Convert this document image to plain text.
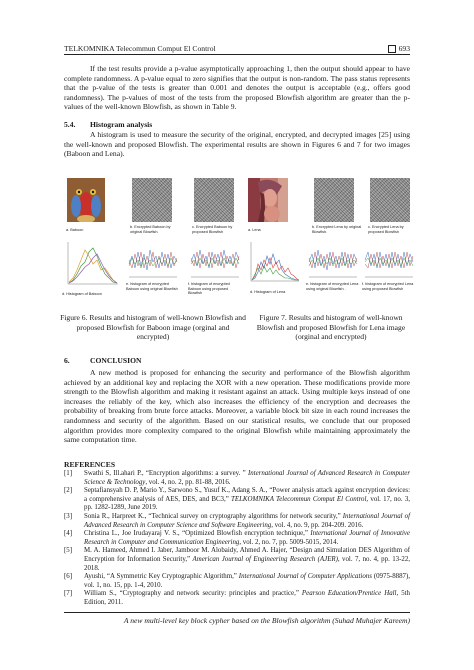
TELKOMNIKA Telecommun Comput El Control	693

If the test results provide a p-value asymptotically approaching 1, then the output should appear to have complete randomness. A p-value equal to zero signifies that the output is non-random. The pass status represents that the p-value of the tests is greater than 0.001 and denotes the output is acceptable (e.g., offers good randomness). The p-values of most of the tests from the proposed Blowfish algorithm are greater than the p-values of the well-known Blowfish, as shown in Table 9.

5.4. Histogram analysis

A histogram is used to measure the security of the original, encrypted, and decrypted images [25] using the well-known and proposed Blowfish. The experimental results are shown in Figures 6 and 7 for two images (Baboon and Lena).

a. Baboon
b. Encrypted Baboon by original Blowfish.
c. Encrypted Baboon by proposed Blowfish
d. Histogram of Baboon
e. histogram of encrypted Baboon using original Blowfish
f. histogram of encrypted Baboon using proposed Blowfish
Figure 6. Results and histogram of well-known Blowfish and proposed Blowfish for Baboon image (orginal and encrypted)
a. Lena
b. Encrypted Lena by original Blowfish.
c. Encrypted Lena by proposed Blowfish
d. Histogram of Lena
e. histogram of encrypted Lena using original Blowfish .
f. histogram of encrypted Lena using proposed Blowfish
Figure 7. Results and histogram of well-known Blowfish and proposed Blowfish for Lena image (orginal and encrypted)
6.	CONCLUSION

A new method is proposed for enhancing the security and performance of the Blowfish algorithm achieved by an additional key and replacing the XOR with a new operation. These modifications provide more strength to the Blowfish algorithm and making it resistant against an attack. Using multiple keys instead of one increases the reliably of the key, which also increases the efficiency of the encryption and decreases the probability of breaking from brute force attacks. Moreover, a variable block bit size in each round increases the randomness and security of the algorithm. Based on our statistical results, we conclude that our proposed algorithm provides more complexity compared to the original Blowfish while maintaining approximately the same computation time.

REFERENCES
[1] Swathi S, Ill.ahari P., “Encryption algorithms: a survey. ” International Journal of Advanced Research in Computer Science & Technology, vol. 4, no. 2, pp. 81-88, 2016.
[2] Septafiansyah D. P, Mario Y., Sarwono S., Yusuf K., Adang S. A., “Power analysis attack against encryption devices: a comprehensive analysis of AES, DES, and BC3,” TELKOMNIKA Telecommun Comput El Control, vol. 17, no. 3, pp. 1282-1289, June 2019.
[3] Sonia R., Harpreet K., “Technical survey on cryptography algorithms for network security,” International Journal of Advanced Research in Computer Science and Software Engineering, vol. 4, no. 9, pp. 204-209. 2016.
[4] Christina L., Joe Irudayaraj V. S., “Optimized Blowfish encryption technique,” International Journal of Innovative Research in Computer and Communication Engineering, vol. 2, no. 7, pp. 5009-5015, 2014.
[5] M. A. Hameed, Ahmed I. Jaber, Jamboor M. Alobaidy, Ahmed A. Hajer, “Design and Simulation DES Algorithm of Encryption for Information Security,” American Journal of Engineering Research (AJER), vol. 7, no. 4, pp. 13-22, 2018.
[6] Ayushi, “A Symmetric Key Cryptographic Algorithm,” International Journal of Computer Applications (0975-8887), vol. 1, no. 15, pp. 1-4, 2010.
[7] William S., “Cryptography and network security: principles and practice,” Pearson Education/Prentice Hall, 5th Edition, 2011.
A new multi-level key block cypher based on the Blowfish algorithm (Suhad Muhajer Kareem)
